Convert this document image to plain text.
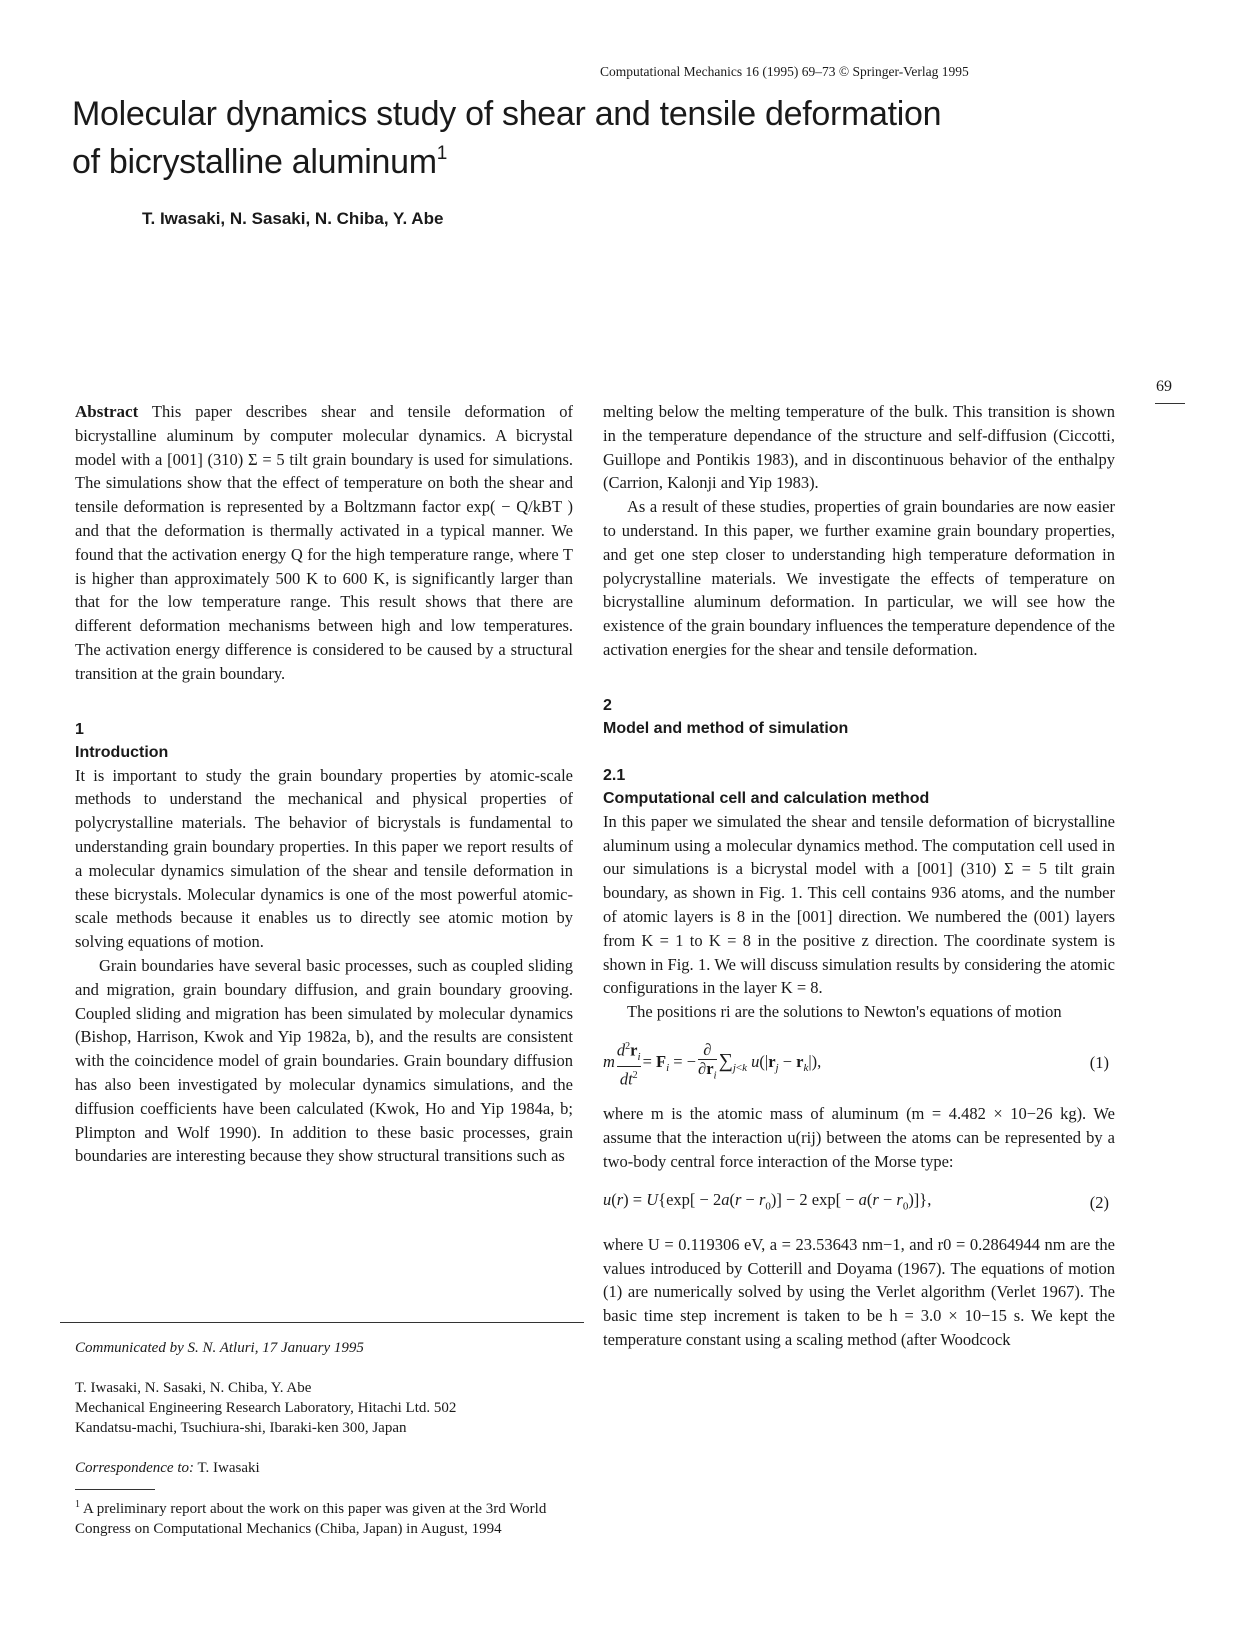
Computational Mechanics 16 (1995) 69–73 © Springer-Verlag 1995
Molecular dynamics study of shear and tensile deformation of bicrystalline aluminum$^1$
T. Iwasaki, N. Sasaki, N. Chiba, Y. Abe
69

Abstract This paper describes shear and tensile deformation of bicrystalline aluminum by computer molecular dynamics. A bicrystal model with a [001] (310) Σ = 5 tilt grain boundary is used for simulations. The simulations show that the effect of temperature on both the shear and tensile deformation is represented by a Boltzmann factor exp( − Q/kBT ) and that the deformation is thermally activated in a typical manner. We found that the activation energy Q for the high temperature range, where T is higher than approximately 500 K to 600 K, is significantly larger than that for the low temperature range. This result shows that there are different deformation mechanisms between high and low temperatures. The activation energy difference is considered to be caused by a structural transition at the grain boundary.

1

Introduction

It is important to study the grain boundary properties by atomic-scale methods to understand the mechanical and physical properties of polycrystalline materials. The behavior of bicrystals is fundamental to understanding grain boundary properties. In this paper we report results of a molecular dynamics simulation of the shear and tensile deformation in these bicrystals. Molecular dynamics is one of the most powerful atomic-scale methods because it enables us to directly see atomic motion by solving equations of motion.

Grain boundaries have several basic processes, such as coupled sliding and migration, grain boundary diffusion, and grain boundary grooving. Coupled sliding and migration has been simulated by molecular dynamics (Bishop, Harrison, Kwok and Yip 1982a, b), and the results are consistent with the coincidence model of grain boundaries. Grain boundary diffusion has also been investigated by molecular dynamics simulations, and the diffusion coefficients have been calculated (Kwok, Ho and Yip 1984a, b; Plimpton and Wolf 1990). In addition to these basic processes, grain boundaries are interesting because they show structural transitions such as

melting below the melting temperature of the bulk. This transition is shown in the temperature dependance of the structure and self-diffusion (Ciccotti, Guillope and Pontikis 1983), and in discontinuous behavior of the enthalpy (Carrion, Kalonji and Yip 1983).

As a result of these studies, properties of grain boundaries are now easier to understand. In this paper, we further examine grain boundary properties, and get one step closer to understanding high temperature deformation in polycrystalline materials. We investigate the effects of temperature on bicrystalline aluminum deformation. In particular, we will see how the existence of the grain boundary influences the temperature dependence of the activation energies for the shear and tensile deformation.

2

Model and method of simulation

2.1

Computational cell and calculation method

In this paper we simulated the shear and tensile deformation of bicrystalline aluminum using a molecular dynamics method. The computation cell used in our simulations is a bicrystal model with a [001] (310) Σ = 5 tilt grain boundary, as shown in Fig. 1. This cell contains 936 atoms, and the number of atomic layers is 8 in the [001] direction. We numbered the (001) layers from K = 1 to K = 8 in the positive z direction. The coordinate system is shown in Fig. 1. We will discuss simulation results by considering the atomic configurations in the layer K = 8.

The positions ri are the solutions to Newton's equations of motion

m $\frac{d^2r_i}{dt^2} = F_i$ = − $\frac{\partial}{\partial r_i} \sum_{j<k}$ $u(|r_j - r_k|)$,	(1)

where m is the atomic mass of aluminum (m = 4.482 × 10−26 kg). We assume that the interaction u(rij) between the atoms can be represented by a two-body central force interaction of the Morse type:

$u(r) = U\{\exp[ - 2a(r - r_0)] - 2$ $\exp[ - a(r - r_0)]$},	(2)

where U = 0.119306 eV, a = 23.53643 nm−1, and r0 = 0.2864944 nm are the values introduced by Cotterill and Doyama (1967). The equations of motion (1) are numerically solved by using the Verlet algorithm (Verlet 1967). The basic time step increment is taken to be h = 3.0 × 10−15 s. We kept the temperature constant using a scaling method (after Woodcock

Communicated by S. N. Atluri, 17 January 1995
T. Iwasaki, N. Sasaki, N. Chiba, Y. Abe
Mechanical Engineering Research Laboratory, Hitachi Ltd. 502
Kandatsu-machi, Tsuchiura-shi, Ibaraki-ken 300, Japan
Correspondence to: T. Iwasaki
$^1$ A preliminary report about the work on this paper was given at the 3rd World Congress on Computational Mechanics (Chiba, Japan) in August, 1994
